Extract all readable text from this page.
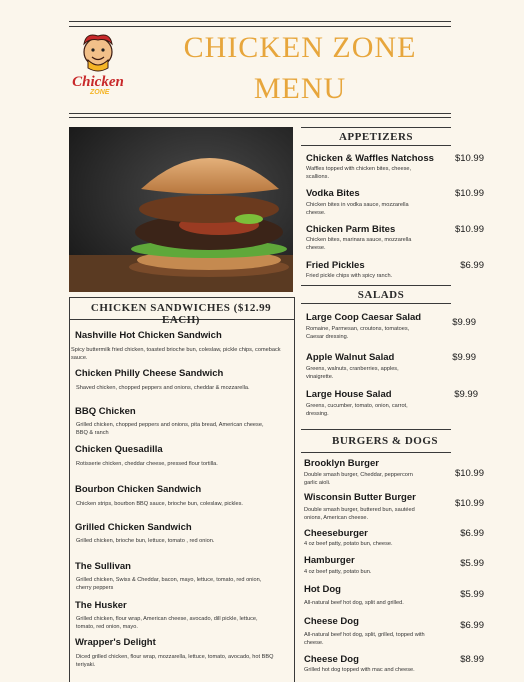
Chicken
ZONE
CHICKEN ZONE
MENU
CHICKEN SANDWICHES ($12.99 EACH)
Nashville Hot Chicken Sandwich
Spicy buttermilk fried chicken, toasted brioche bun, coleslaw, pickle chips, comeback sauce.
Chicken Philly Cheese Sandwich
Shaved chicken, chopped peppers and onions, cheddar & mozzarella.
BBQ Chicken
Grilled chicken, chopped peppers and onions, pita bread, American cheese, BBQ & ranch
Chicken Quesadilla
Rotisserie chicken, cheddar cheese, pressed flour tortilla.
Bourbon Chicken Sandwich
Chicken strips, bourbon BBQ sauce, brioche bun, coleslaw, pickles.
Grilled Chicken Sandwich
Grilled chicken, brioche bun, lettuce, tomato , red onion.
The Sullivan
Grilled chicken, Swiss & Cheddar, bacon, mayo, lettuce, tomato, red onion, cherry peppers
The Husker
Grilled chicken, flour wrap, American cheese, avocado, dill pickle, lettuce, tomato, red onion, mayo.
Wrapper's Delight
Diced grilled chicken, flour wrap, mozzarella, lettuce, tomato, avocado, hot BBQ teriyaki.
APPETIZERS
Chicken & Waffles Natchoss
Waffles topped with chicken bites, cheese, scallions.
$10.99
Vodka Bites
Chicken bites in vodka sauce, mozzarella cheese.
$10.99
Chicken Parm Bites
Chicken bites, marinara sauce, mozzarella cheese.
$10.99
Fried Pickles
Fried pickle chips with spicy ranch.
$6.99
SALADS
Large Coop Caesar Salad
Romaine, Parmesan, croutons, tomatoes, Caesar dressing.
$9.99
Apple Walnut Salad
Greens, walnuts, cranberries, apples, vinaigrette.
$9.99
Large House Salad
Greens, cucumber, tomato, onion, carrot, dressing.
$9.99
BURGERS & DOGS
Brooklyn Burger
Double smash burger, Cheddar, peppercorn garlic aioli.
$10.99
Wisconsin Butter Burger
Double smash burger, buttered bun, sautéed onions, American cheese.
$10.99
Cheeseburger
4 oz beef patty, potato bun, cheese.
$6.99
Hamburger
4 oz beef patty, potato bun.
$5.99
Hot Dog
All-natural beef hot dog, split and grilled.
$5.99
Cheese Dog
All-natural beef hot dog, split, grilled, topped with cheese.
$6.99
Cheese Dog
Grilled hot dog topped with mac and cheese.
$8.99
